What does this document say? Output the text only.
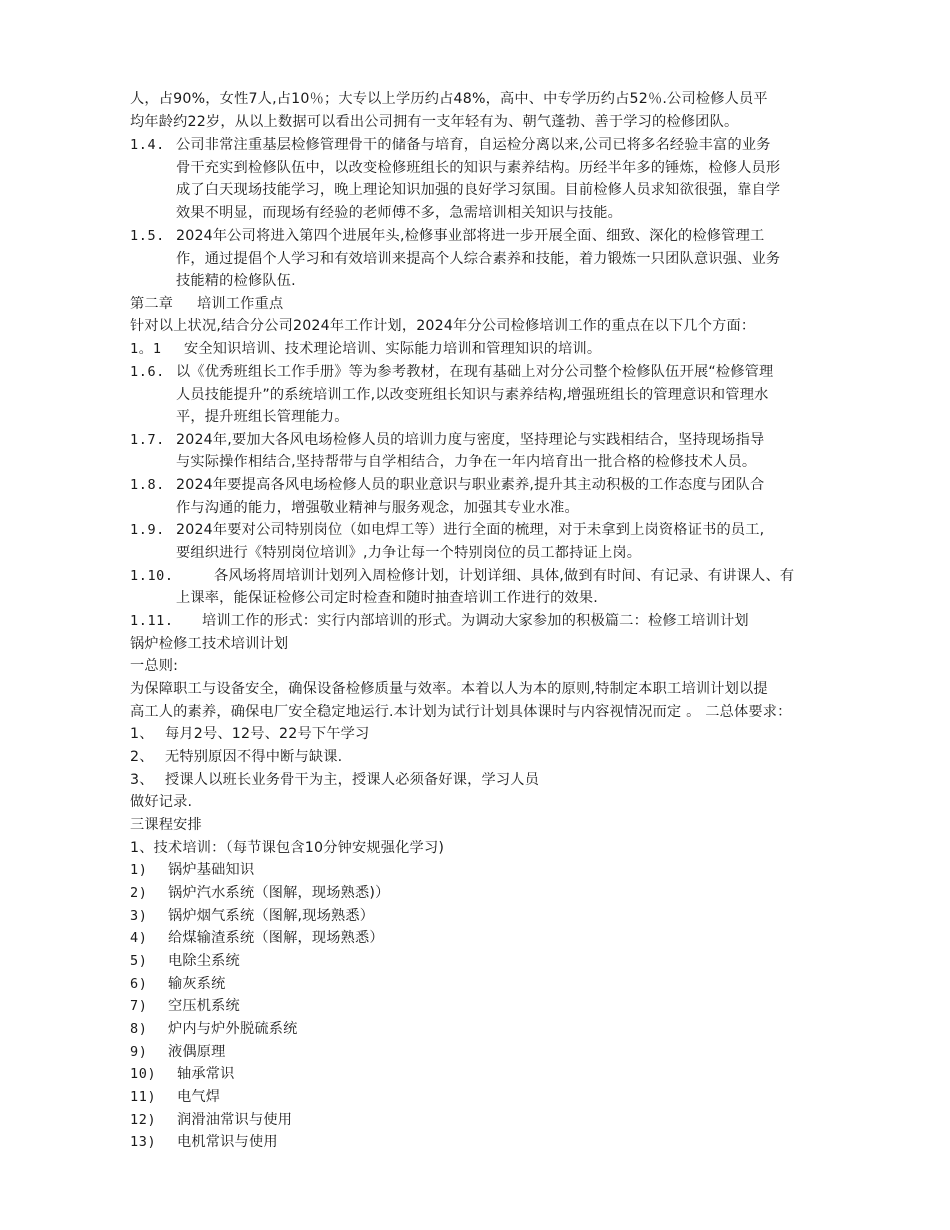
人，占90%，女性7人,占10％；大专以上学历约占48%，高中、中专学历约占52％.公司检修人员平
均年龄约22岁，从以上数据可以看出公司拥有一支年轻有为、朝气蓬勃、善于学习的检修团队。
1.4. 公司非常注重基层检修管理骨干的储备与培育，自运检分离以来,公司已将多名经验丰富的业务
骨干充实到检修队伍中，以改变检修班组长的知识与素养结构。历经半年多的锤炼，检修人员形
成了白天现场技能学习，晚上理论知识加强的良好学习氛围。目前检修人员求知欲很强，靠自学
效果不明显，而现场有经验的老师傅不多，急需培训相关知识与技能。
1.5. 2024年公司将进入第四个进展年头,检修事业部将进一步开展全面、细致、深化的检修管理工
作，通过提倡个人学习和有效培训来提高个人综合素养和技能，着力锻炼一只团队意识强、业务
技能精的检修队伍.
第二章 培训工作重点
针对以上状况,结合分公司2024年工作计划，2024年分公司检修培训工作的重点在以下几个方面：
1。1 安全知识培训、技术理论培训、实际能力培训和管理知识的培训。
1.6. 以《优秀班组长工作手册》等为参考教材，在现有基础上对分公司整个检修队伍开展“检修管理
人员技能提升”的系统培训工作,以改变班组长知识与素养结构,增强班组长的管理意识和管理水
平，提升班组长管理能力。
1.7. 2024年,要加大各风电场检修人员的培训力度与密度，坚持理论与实践相结合，坚持现场指导
与实际操作相结合,坚持帮带与自学相结合，力争在一年内培育出一批合格的检修技术人员。
1.8. 2024年要提高各风电场检修人员的职业意识与职业素养,提升其主动积极的工作态度与团队合
作与沟通的能力，增强敬业精神与服务观念，加强其专业水准。
1.9. 2024年要对公司特别岗位（如电焊工等）进行全面的梳理，对于未拿到上岗资格证书的员工,
要组织进行《特别岗位培训》,力争让每一个特别岗位的员工都持证上岗。
1.10.	各风场将周培训计划列入周检修计划，计划详细、具体,做到有时间、有记录、有讲课人、有
上课率，能保证检修公司定时检查和随时抽查培训工作进行的效果.
1.11. 培训工作的形式：实行内部培训的形式。为调动大家参加的积极篇二：检修工培训计划
锅炉检修工技术培训计划
一总则:
为保障职工与设备安全，确保设备检修质量与效率。本着以人为本的原则,特制定本职工培训计划以提
高工人的素养，确保电厂安全稳定地运行.本计划为试行计划具体课时与内容视情况而定 。 二总体要求：
1、 每月2号、12号、22号下午学习
2、 无特别原因不得中断与缺课.
3、 授课人以班长业务骨干为主，授课人必须备好课，学习人员
做好记录.
三课程安排
1、技术培训：（每节课包含10分钟安规强化学习)
1) 锅炉基础知识
2) 锅炉汽水系统（图解，现场熟悉)）
3) 锅炉烟气系统（图解,现场熟悉）
4) 给煤输渣系统（图解，现场熟悉）
5) 电除尘系统
6) 输灰系统
7) 空压机系统
8) 炉内与炉外脱硫系统
9) 液偶原理
10) 轴承常识
11) 电气焊
12) 润滑油常识与使用
13) 电机常识与使用
